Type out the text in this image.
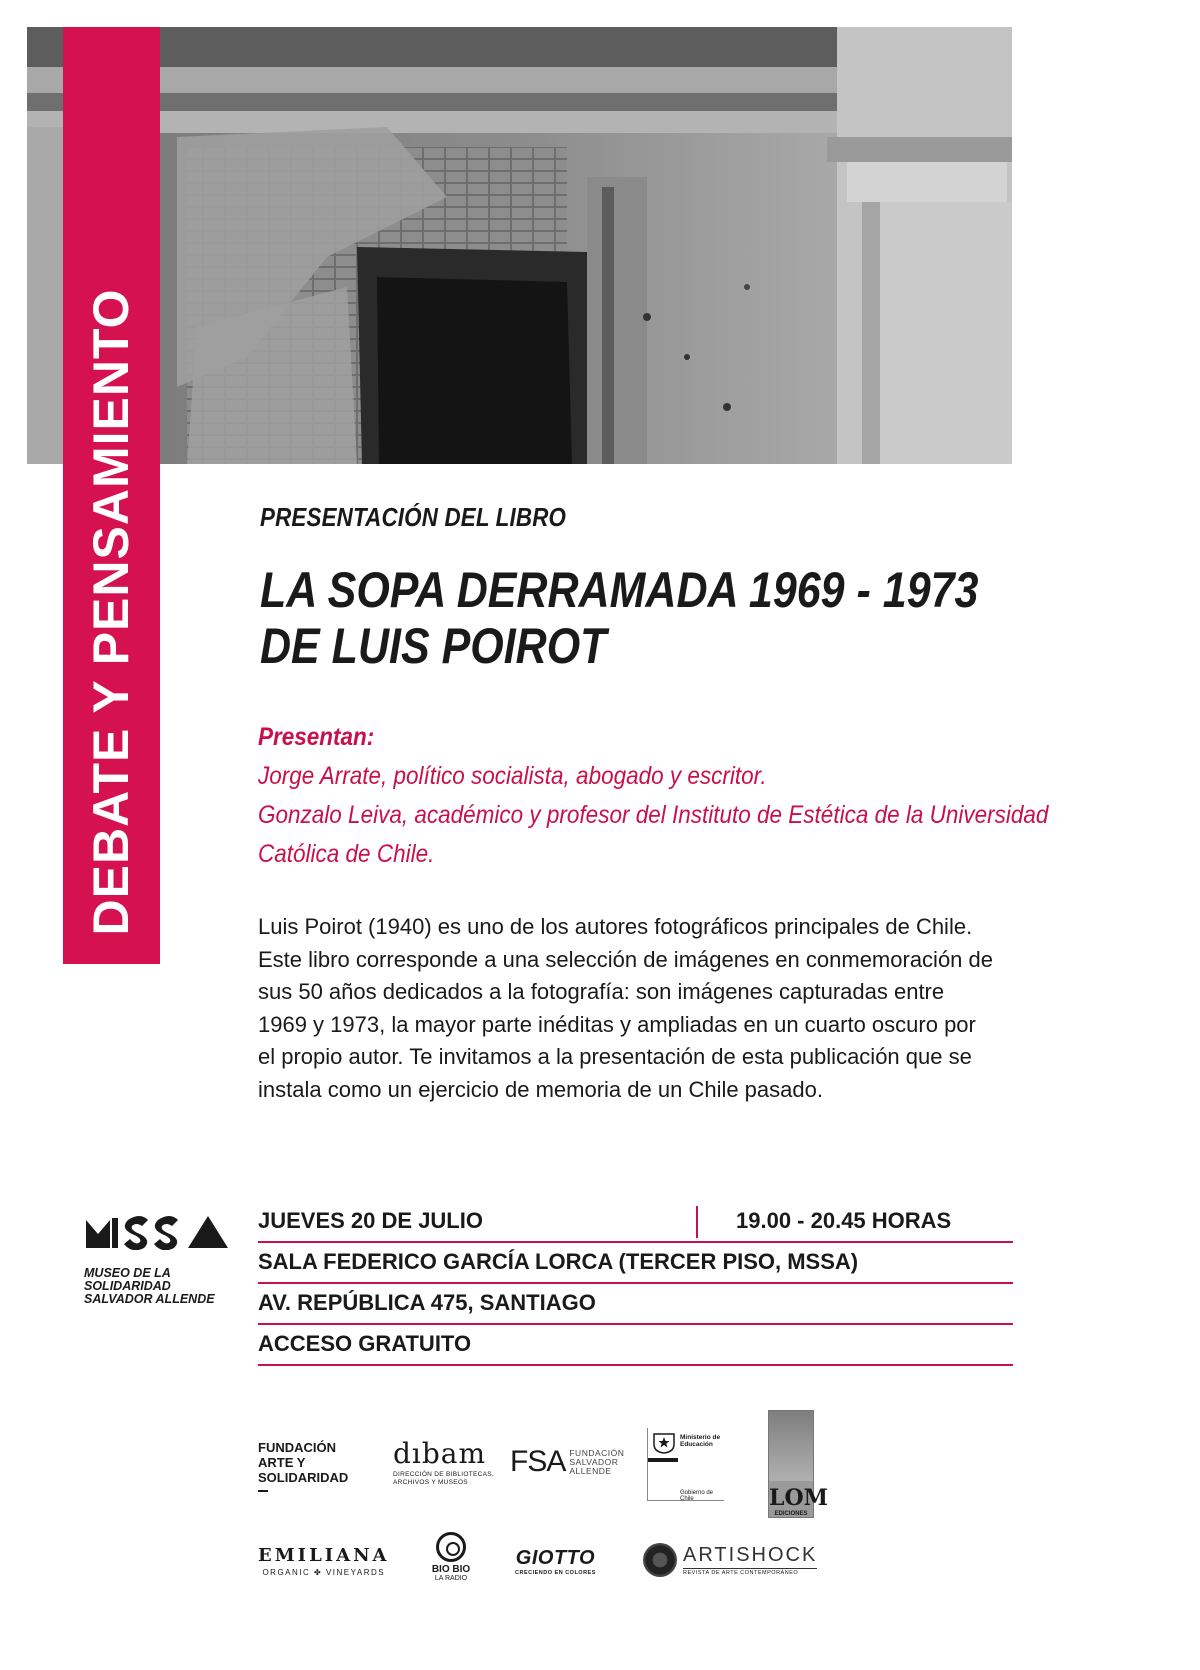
DEBATE Y PENSAMIENTO	PRESENTACIÓN DEL LIBRO
LA SOPA DERRAMADA 1969 - 1973
DE LUIS POIROT
Presentan:
Jorge Arrate, político socialista, abogado y escritor.
Gonzalo Leiva, académico y profesor del Instituto de Estética de la Universidad
Católica de Chile.
Luis Poirot (1940) es uno de los autores fotográficos principales de Chile. Este libro corresponde a una selección de imágenes en conmemoración de sus 50 años dedicados a la fotografía: son imágenes capturadas entre 1969 y 1973, la mayor parte inéditas y ampliadas en un cuarto oscuro por el propio autor. Te invitamos a la presentación de esta publicación que se instala como un ejercicio de memoria de un Chile pasado.
MUSEO DE LA
SOLIDARIDAD
SALVADOR ALLENDE
JUEVES 20 DE JULIO	19.00 - 20.45 HORAS
SALA FEDERICO GARCÍA LORCA (TERCER PISO, MSSA)
AV. REPÚBLICA 475, SANTIAGO
ACCESO GRATUITO
FUNDACIÓN
ARTE Y
SOLIDARIDAD
dıbam
DIRECCIÓN DE BIBLIOTECAS,
ARCHIVOS Y MUSEOS
FSA FUNDACIÓN
SALVADOR
ALLENDE
Ministerio de
Educación
Gobierno de Chile	LOM
EDICIONES
EMILIANA
ORGANIC ✤ VINEYARDS	BIO BIO
LA RADIO
GIOTTO
CRECIENDO EN COLORES
ARTISHOCK
REVISTA DE ARTE CONTEMPORÁNEO
